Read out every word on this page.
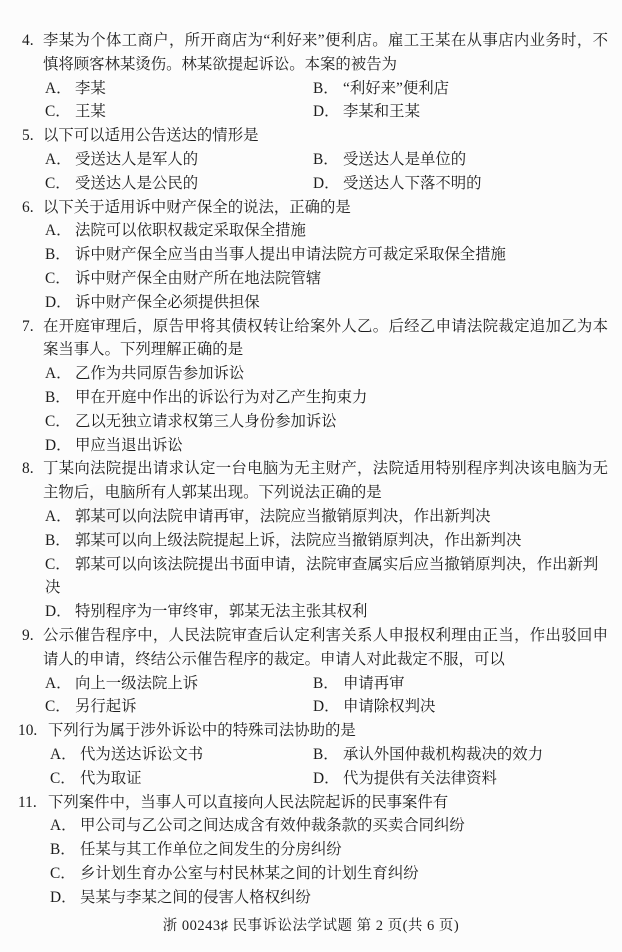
4. 李某为个体工商户，所开商店为“利好来”便利店。雇工王某在从事店内业务时，不慎将顾客林某烫伤。林某欲提起诉讼。本案的被告为
A． 李某	B． “利好来”便利店
C． 王某	D． 李某和王某
5. 以下可以适用公告送达的情形是
A． 受送达人是军人的	B． 受送达人是单位的
C． 受送达人是公民的	D． 受送达人下落不明的
6. 以下关于适用诉中财产保全的说法，正确的是
A． 法院可以依职权裁定采取保全措施
B． 诉中财产保全应当由当事人提出申请法院方可裁定采取保全措施
C． 诉中财产保全由财产所在地法院管辖
D． 诉中财产保全必须提供担保
7. 在开庭审理后，原告甲将其债权转让给案外人乙。后经乙申请法院裁定追加乙为本案当事人。下列理解正确的是
A． 乙作为共同原告参加诉讼
B． 甲在开庭中作出的诉讼行为对乙产生拘束力
C． 乙以无独立请求权第三人身份参加诉讼
D． 甲应当退出诉讼
8. 丁某向法院提出请求认定一台电脑为无主财产，法院适用特别程序判决该电脑为无主物后，电脑所有人郭某出现。下列说法正确的是
A． 郭某可以向法院申请再审，法院应当撤销原判决，作出新判决
B． 郭某可以向上级法院提起上诉，法院应当撤销原判决，作出新判决
C． 郭某可以向该法院提出书面申请，法院审查属实后应当撤销原判决，作出新判决
D． 特别程序为一审终审，郭某无法主张其权利
9. 公示催告程序中，人民法院审查后认定利害关系人申报权利理由正当，作出驳回申请人的申请，终结公示催告程序的裁定。申请人对此裁定不服，可以
A． 向上一级法院上诉	B． 申请再审
C． 另行起诉	D． 申请除权判决
10. 下列行为属于涉外诉讼中的特殊司法协助的是
A． 代为送达诉讼文书	B． 承认外国仲裁机构裁决的效力
C． 代为取证	D． 代为提供有关法律资料
11. 下列案件中，当事人可以直接向人民法院起诉的民事案件有
A． 甲公司与乙公司之间达成含有效仲裁条款的买卖合同纠纷
B． 任某与其工作单位之间发生的分房纠纷
C． 乡计划生育办公室与村民林某之间的计划生育纠纷
D． 吴某与李某之间的侵害人格权纠纷
浙 00243♯ 民事诉讼法学试题 第 2 页(共 6 页)
